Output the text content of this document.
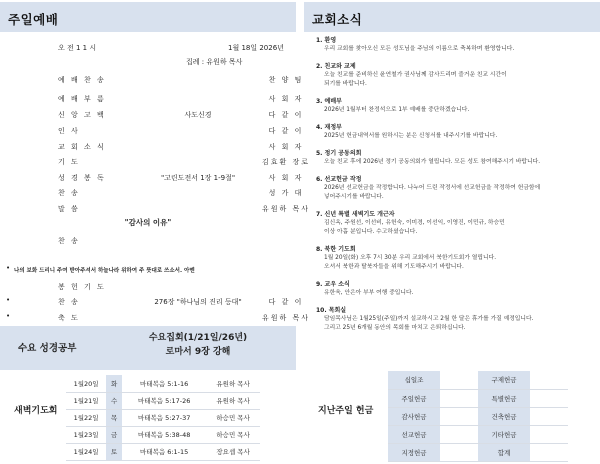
주일예배
오 전 1 1 시	1월 18일 2026년
집례 : 유원하 목사
예 배 찬 송	찬 양 팀
예 배 부 름	사 회 자
신 앙 고 백	사도신경	다 같 이
인 사	다 같 이
교 회 소 식	사 회 자
기 도	김효환 장로
성 경 봉 독	"고린도전서 1장 1-9절"	사 회 자
찬 송	성 가 대
말 씀	유원하 목사
찬 송
봉 헌 기 도
찬 송	276장 "하나님의 진리 등대"	다 같 이
축 도	유원하 목사
"감사의 이유"
• 나의 보화 드리니 주여 받아주셔서 하늘나라 위하여 주 뜻대로 쓰소서. 아멘
•
•
수요 성경공부
수요집회(1/21일/26년)
로마서 9장 강해
새벽기도회
1월20일	화	마태복음 5:1-16	유원하 목사
1월21일	수	마태복음 5:17-26	유원하 목사
1월22일	목	마태복음 5:27-37	하승민 목사
1월23일	금	마태복음 5:38-48	하승민 목사
1월24일	토	마태복음 6:1-15	장요셉 목사
교회소식
1. 환영
우리 교회를 찾아오신 모든 성도님을 주님의 이름으로 축복하며 환영합니다.
2. 친교와 교제
오늘 친교를 준비하신 윤연철가 권사님께 감사드리며 즐거운 친교 시간이
되기를 바랍니다.
3. 예배부
2026년 1월부터 찬정석으로 1부 예배를 중단하겠습니다.
4. 재정부
2025년 헌금내역서를 원하시는 분은 신청서를 내주시기를 바랍니다.
5. 정기 공동의회
오늘 친교 후에 2026년 정기 공동의회가 열립니다. 모든 성도 참여해주시기 바랍니다.
6. 선교헌금 작정
2026년 선교헌금을 작정합니다. 나누어 드린 작정서에 선교헌금을 작정하여 헌금함에
넣어주시기를 바랍니다.
7. 신년 특별 새벽기도 개근자
김신옥, 주원선, 이선비, 유헌숙, 이미경, 이선익, 이영진, 이민규, 하승민
이상 아홉 분입니다. 수고하셨습니다.
8. 북한 기도회
1월 20일(화) 오후 7시 30분 우리 교회에서 북한기도회가 열립니다.
오셔서 북한과 탈북자들을 위해 기도해주시기 바랍니다.
9. 교우 소식
유한욱, 안은아 부부 여행 중입니다.
10. 목회실
담임목사님은 1월25일(주일)까지 설교하시고 2월 한 달은 휴가를 가질 예정입니다.
그리고 25년 6개월 동안의 목회를 마치고 은퇴하십니다.
지난주일 헌금
십일조		구제헌금	
주일헌금		특별헌금	
감사헌금		건축헌금	
선교헌금		기타헌금	
지정헌금		합계	
